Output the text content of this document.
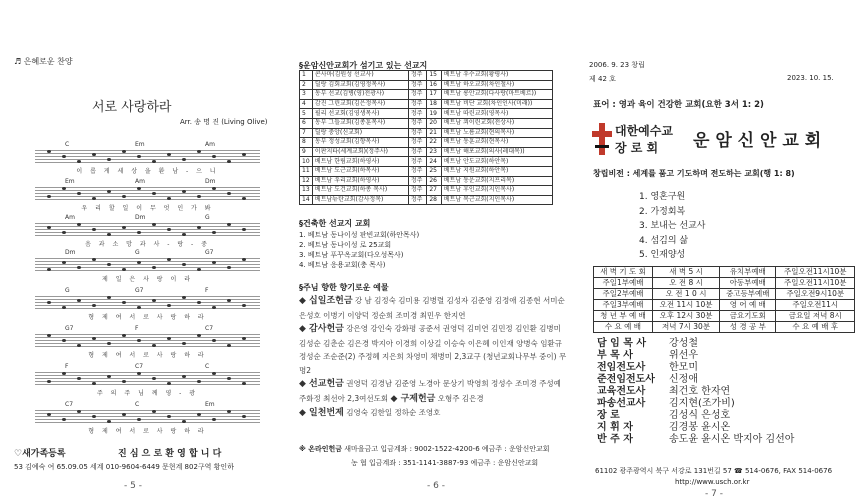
♬ 은혜로운 찬양
서로 사랑하라
Arr. 송 명 진 (Living Olive)
C	Em	Am
이 롭 게 세 상 을 환 남 - 으 니
Em	Am	Dm
우 리 할 일 이 무 엇 인 가 봐
Am	Dm	G
음 과 소 망 과 사 - 랑 - 중
Dm	G	G7
제 일 은 사 랑 이 라
G	G7	F
형 제 여 서 로 사 랑 하 라
G7	F	C7
형 제 여 서 로 사 랑 하 라
F	C7	C
주 의 주 님 께 영 - 광
C7	C	Em
형 제 여 서 로 사 랑 하 라
♡새가족등록	진 심 으 로 환 영 합 니 다
53 김예숙 여 65.09.05 세계 010-9604-6449 문현계 802구역 황인하
- 5 -
§운암신안교회가 섬기고 있는 선교지
1	콘사마(김원성 선교사)	정주	15	베트남 우수교회(황평사)
2	딜랑 김회교회(김영정목사)	정주	16	베트남 하오교회(차인철사)
3	동부 선교(김병(영)전광사)	정주	17	베트남 롱안교회(다사랑(마트베르))
4	감진 그린교회(김은정목사)	정주	18	베트남 비단 교회(차인인사(미래))
5	필리 선교회(김영생목사)	정주	19	베트남 따린교회(영목사)
6	동부 그들교회(김종훈목사)	정주	20	베트남 쾨이린교회(전상사)
7	딜랑 중앙(신교회)	정주	21	베트남 노름교회(현의목사)
8	동부 정성교회(김향목사)	정주	22	베트남 동훈교회(현목사)
9	이판지타(세계교회)(정주사)	정주	23	베트남 해포교회(의사(레대목))
10	베트남 한림교회(하영사)	정주	24	베트남 안도교회(하안목)
11	베트남 도근교회(하목사)	정주	25	베트남 지원교회(하안목)
12	베트남 우리교회(하영사)	정주	26	베트남 동운교회(지프리목)
13	베트남 도건교회(하종 목사)	정주	27	베트남 후인교회(지인목사)
14	베트남뉴탄교회(감사정목)	정주	28	베트남 목근교회(지인목사)
§건축한 선교지 교회
1. 베트남 동나이성 판빈교회(하안목사)
2. 베트남 동나이성 로 25교회
3. 베트남 푸꾸옥교회(다오성목사)
4. 베트남 응용교회(충 목사)
§주님 향한 향기로운 예물
◆ 십일조헌금 강 남 김정숙 김미용 김병렬 김성자 김준영 김정애 김종현 서미순 은성호 이병기 이양덕 정순희 조미경 최민우 한지연
◆ 감사헌금 강은영 강인숙 강화평 공준서 권영덕 김미연 김민정 김인환 김병미 김성순 김춘순 김은경 박지아 이경희 이상길 이승숙 이은혜 이인재 양병숙 임환규 정성순 조순준(2) 주정혜 지은희 차영미 채병미 2,3교구 (청년교회나무부 중이) 무명2
◆ 선교헌금 권영덕 김경남 김준영 노경아 문상기 박영희 정성수 조미경 주성예 주화정 최선아 2,3여선도회 ◆ 구제헌금 오형주 김은경
◆ 일천번제 김영숙 김한일 정하순 조영호
※ 온라인헌금 새마을금고 입금계좌 : 9002-1522-4200-6 예금주 : 운암신안교회
농 협 입금계좌 : 351-1141-3887-93 예금주 : 운암신안교회
- 6 -
2006. 9. 23 창립
제 42 호	2023. 10. 15.
표어 : 영과 육이 건강한 교회(요한 3서 1: 2)
대한예수교
장 로 회 운 암 신 안 교 회
창립비전 : 세계를 품고 기도하며 전도하는 교회(행 1: 8)
1. 영혼구원
2. 가정회복
3. 보내는 선교사
4. 섬김의 삶
5. 인재양성
새 벽 기 도 회	새 벽 5 시	유치부예배	주일오전11시10분
주일1부예배	오 전 8 시	아동부예배	주일오전11시10분
주일2부예배	오 전 1 0 시	중고등부예배	주일오전9시10분
주일3부예배	오전 11시 10분	영 어 예 배	주일오전11시
청 년 부 예 배	오후 12시 30분	금요기도회	금요일 저녁 8시
수 요 예 배	저녁 7시 30분	성 경 공 부	수 요 예 배 후
담 임 목 사 강성철
부 목 사	위선우
전임전도사 한모미
준전임전도사 신정애
교육전도사 최건호 한자연
파송선교사 김지현(조가비)
장 로	김성식 은성호
지 휘 자	김경봉 윤시온
반 주 자	송도윤 윤시온 박지아 김선아
61102 광주광역시 북구 서강로 131번길 57 ☎ 514-0676, FAX 514-0676
http://www.usch.or.kr
- 7 -
